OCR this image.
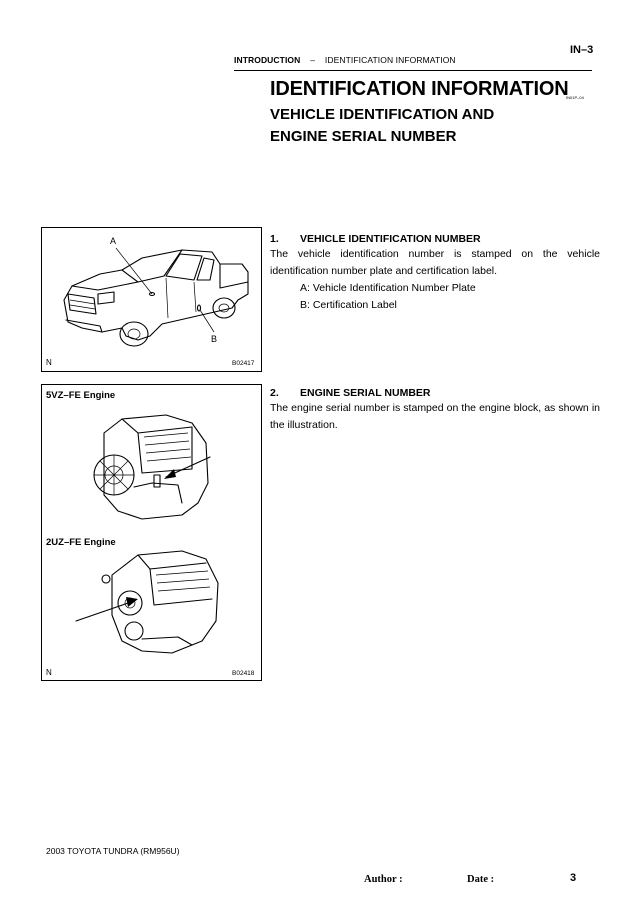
IN–3
INTRODUCTION – IDENTIFICATION INFORMATION
IDENTIFICATION INFORMATION
IN01P–04
VEHICLE IDENTIFICATION AND
ENGINE SERIAL NUMBER
A
B
N	B02417
5VZ–FE Engine
2UZ–FE Engine
N	B02418
1. VEHICLE IDENTIFICATION NUMBER
The vehicle identification number is stamped on the vehicle identification number plate and certification label.
A: Vehicle Identification Number Plate
B: Certification Label
2. ENGINE SERIAL NUMBER
The engine serial number is stamped on the engine block, as shown in the illustration.
2003 TOYOTA TUNDRA (RM956U)
Author :	Date :	3
